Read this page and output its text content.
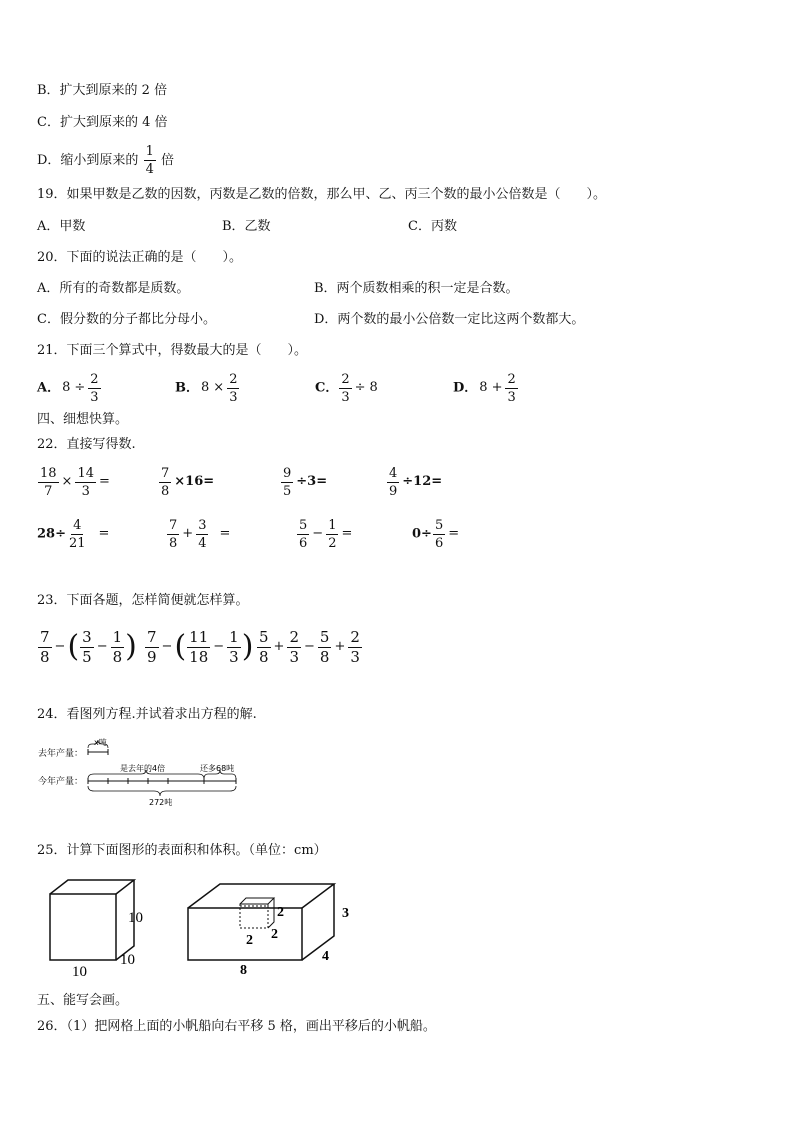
B．扩大到原来的 2 倍
C．扩大到原来的 4 倍
D．缩小到原来的 $\frac{1}{4}$ 倍
19．如果甲数是乙数的因数，丙数是乙数的倍数，那么甲、乙、丙三个数的最小公倍数是（　　）。
A．甲数	B．乙数	C．丙数
20．下面的说法正确的是（　　）。
A．所有的奇数都是质数。	B．两个质数相乘的积一定是合数。
C．假分数的分子都比分母小。	D．两个数的最小公倍数一定比这两个数都大。
21．下面三个算式中，得数最大的是（　　）。
A． $8 \div \frac{2}{3}$	B． $8 \times \frac{2}{3}$	C． $\frac{2}{3} \div 8$	D． $8 + \frac{2}{3}$
四、细想快算。
22．直接写得数.
$\frac{18}{7} \times \frac{14}{3}$ =	$\frac{7}{8} \times 16=$	$\frac{9}{5} \div 3=$	$\frac{4}{9} \div 12=$
$28\div \frac{4}{21}$ =	$\frac{7}{8} + \frac{3}{4}$ =	$\frac{5}{6} - \frac{1}{2}$ =	$0\div \frac{5}{6}$ =
23．下面各题，怎样简便就怎样算。
$\frac{7}{8}$ −( $\frac{3}{5} - \frac{1}{8}$ ) $\frac{7}{9}$ −( $\frac{11}{18} - \frac{1}{3}$ ) $\frac{5}{8} + \frac{2}{3} - \frac{5}{8} + \frac{2}{3}$
24．看图列方程.并试着求出方程的解.
去年产量：
x吨
今年产量：
是去年的4倍	还多68吨
272吨
25．计算下面图形的表面积和体积。（单位：cm）
10
10
10
2
2 2
3
8
4
五、能写会画。
26．（1）把网格上面的小帆船向右平移 5 格，画出平移后的小帆船。
